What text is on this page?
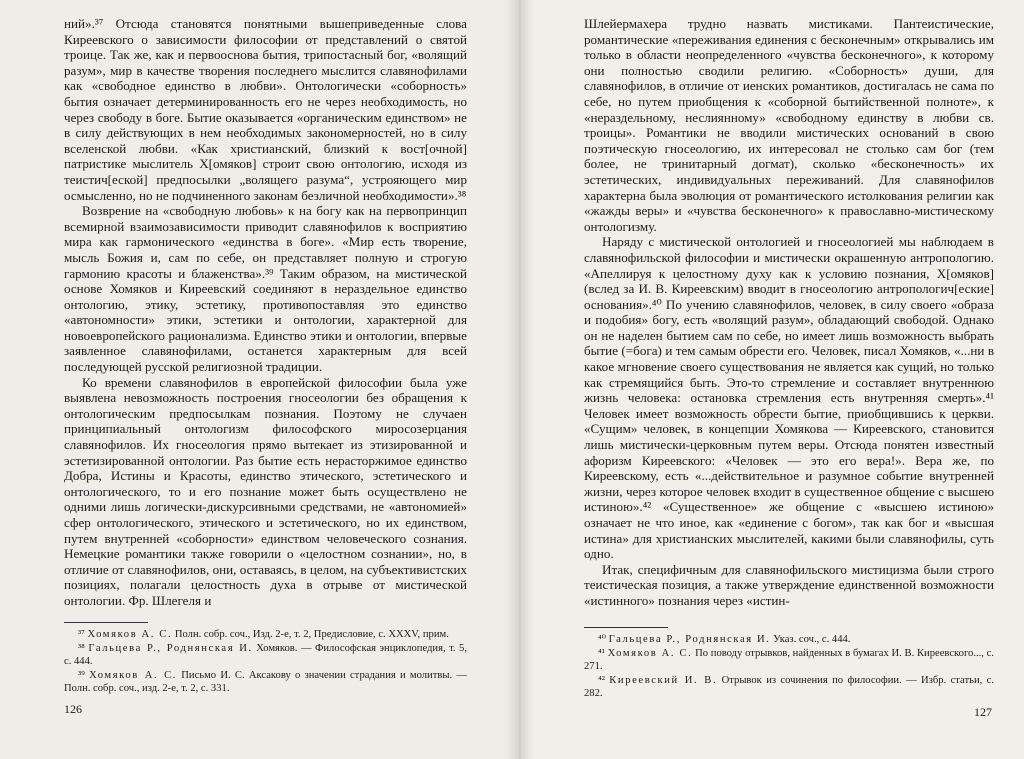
ний».³⁷ Отсюда становятся понятными вышеприведенные слова Киреевского о зависимости философии от представлений о святой троице. Так же, как и первооснова бытия, трипостасный бог, «волящий разум», мир в качестве творения последнего мыслится славянофилами как «свободное единство в любви». Онтологически «соборность» бытия означает детерминированность его не через необходимость, но через свободу в боге. Бытие оказывается «органическим единством» не в силу действующих в нем необходимых закономерностей, но в силу вселенской любви. «Как христианский, близкий к вост[очной] патристике мыслитель Х[омяков] строит свою онтологию, исходя из теистич[еской] предпосылки „волящего разума“, устрояющего мир осмысленно, но не подчиненного законам безличной необходимости».³⁸

Возврение на «свободную любовь» к на богу как на первопринцип всемирной взаимозависимости приводит славянофилов к восприятию мира как гармонического «единства в боге». «Мир есть творение, мысль Божия и, сам по себе, он представляет полную и строгую гармонию красоты и блаженства».³⁹ Таким образом, на мистической основе Хомяков и Киреевский соединяют в нераздельное единство онтологию, этику, эстетику, противопоставляя это единство «автономности» этики, эстетики и онтологии, характерной для новоевропейского рационализма. Единство этики и онтологии, впервые заявленное славянофилами, останется характерным для всей последующей русской религиозной традиции.

Ко времени славянофилов в европейской философии была уже выявлена невозможность построения гносеологии без обращения к онтологическим предпосылкам познания. Поэтому не случаен принципиальный онтологизм философского миросозерцания славянофилов. Их гносеология прямо вытекает из этизированной и эстетизированной онтологии. Раз бытие есть нерасторжимое единство Добра, Истины и Красоты, единство этического, эстетического и онтологического, то и его познание может быть осуществлено не одними лишь логически-дискурсивными средствами, не «автономией» сфер онтологического, этического и эстетического, но их единством, путем внутренней «соборности» единством человеческого сознания. Немецкие романтики также говорили о «целостном сознании», но, в отличие от славянофилов, они, оставаясь, в целом, на субъективистских позициях, полагали целостность духа в отрыве от мистической онтологии. Фр. Шлегеля и

³⁷ Хомяков А. С. Полн. собр. соч., Изд. 2-е, т. 2, Предисловие, с. XXXV, прим.

³⁸ Гальцева Р., Роднянская И. Хомяков. — Философская энциклопедия, т. 5, с. 444.

³⁹ Хомяков А. С. Письмо И. С. Аксакову о значении страдания и молитвы. — Полн. собр. соч., изд. 2-е, т. 2, с. 331.

126

Шлейермахера трудно назвать мистиками. Пантеистические, романтические «переживания единения с бесконечным» открывались им только в области неопределенного «чувства бесконечного», к которому они полностью сводили религию. «Соборность» души, для славянофилов, в отличие от иенских романтиков, достигалась не сама по себе, но путем приобщения к «соборной бытийственной полноте», к «нераздельному, неслиянному» «свободному единству в любви св. троицы». Романтики не вводили мистических оснований в свою поэтическую гносеологию, их интересовал не столько сам бог (тем более, не тринитарный догмат), сколько «бесконечность» их эстетических, индивидуальных переживаний. Для славянофилов характерна была эволюция от романтического истолкования религии как «жажды веры» и «чувства бесконечного» к православно-мистическому онтологизму.

Наряду с мистической онтологией и гносеологией мы наблюдаем в славянофильской философии и мистически окрашенную антропологию. «Апеллируя к целостному духу как к условию познания, Х[омяков] (вслед за И. В. Киреевским) вводит в гносеологию антропологич[еские] основания».⁴⁰ По учению славянофилов, человек, в силу своего «образа и подобия» богу, есть «волящий разум», обладающий свободой. Однако он не наделен бытием сам по себе, но имеет лишь возможность выбрать бытие (=бога) и тем самым обрести его. Человек, писал Хомяков, «...ни в какое мгновение своего существования не является как сущий, но только как стремящийся быть. Это-то стремление и составляет внутреннюю жизнь человека: остановка стремления есть внутренняя смерть».⁴¹ Человек имеет возможность обрести бытие, приобщившись к церкви. «Сущим» человек, в концепции Хомякова — Киреевского, становится лишь мистически-церковным путем веры. Отсюда понятен известный афоризм Киреевского: «Человек — это его вера!». Вера же, по Киреевскому, есть «...действительное и разумное событие внутренней жизни, через которое человек входит в существенное общение с высшею истиною».⁴² «Существенное» же общение с «высшею истиною» означает не что иное, как «единение с богом», так как бог и «высшая истина» для христианских мыслителей, какими были славянофилы, суть одно.

Итак, специфичным для славянофильского мистицизма были строго теистическая позиция, а также утверждение единственной возможности «истинного» познания через «истин-

⁴⁰ Гальцева Р., Роднянская И. Указ. соч., с. 444.

⁴¹ Хомяков А. С. По поводу отрывков, найденных в бумагах И. В. Киреевского..., с. 271.

⁴² Киреевский И. В. Отрывок из сочинения по философии. — Избр. статьи, с. 282.

127
